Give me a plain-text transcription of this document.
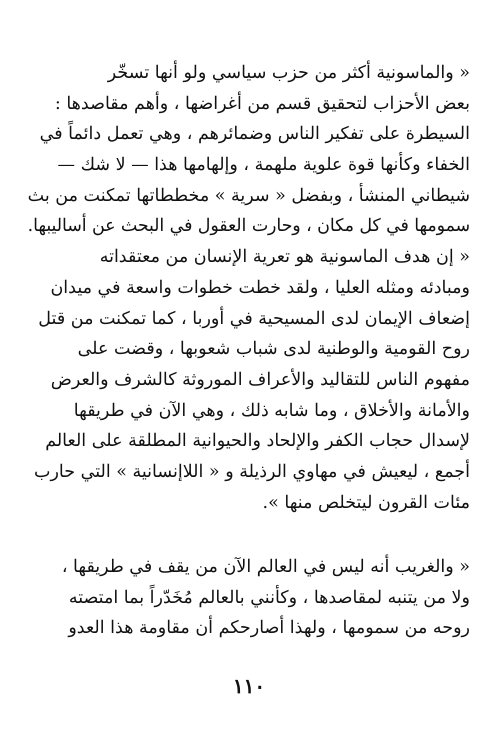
« والماسونية أكثر من حزب سياسي ولو أنها تسخّر
بعض الأحزاب لتحقيق قسم من أغراضها ، وأهم مقاصدها :
السيطرة على تفكير الناس وضمائرهم ، وهي تعمل دائماً في
الخفاء وكأنها قوة علوية ملهمة ، وإلهامها هذا — لا شك —
شيطاني المنشأ ، وبفضل « سرية » مخططاتها تمكنت من بث
سمومها في كل مكان ، وحارت العقول في البحث عن أساليبها.
« إن هدف الماسونية هو تعرية الإنسان من معتقداته
ومبادئه ومثله العليا ، ولقد خطت خطوات واسعة في ميدان
إضعاف الإيمان لدى المسيحية في أوربا ، كما تمكنت من قتل
روح القومية والوطنية لدى شباب شعوبها ، وقضت على
مفهوم الناس للتقاليد والأعراف الموروثة كالشرف والعرض
والأمانة والأخلاق ، وما شابه ذلك ، وهي الآن في طريقها
لإسدال حجاب الكفر والإلحاد والحيوانية المطلقة على العالم
أجمع ، ليعيش في مهاوي الرذيلة و « اللاإنسانية » التي حارب
مئات القرون ليتخلص منها ».
« والغريب أنه ليس في العالم الآن من يقف في طريقها ،
ولا من يتنبه لمقاصدها ، وكأنني بالعالم مُخَدّراً بما امتصته
روحه من سمومها ، ولهذا أصارحكم أن مقاومة هذا العدو
١١٠
